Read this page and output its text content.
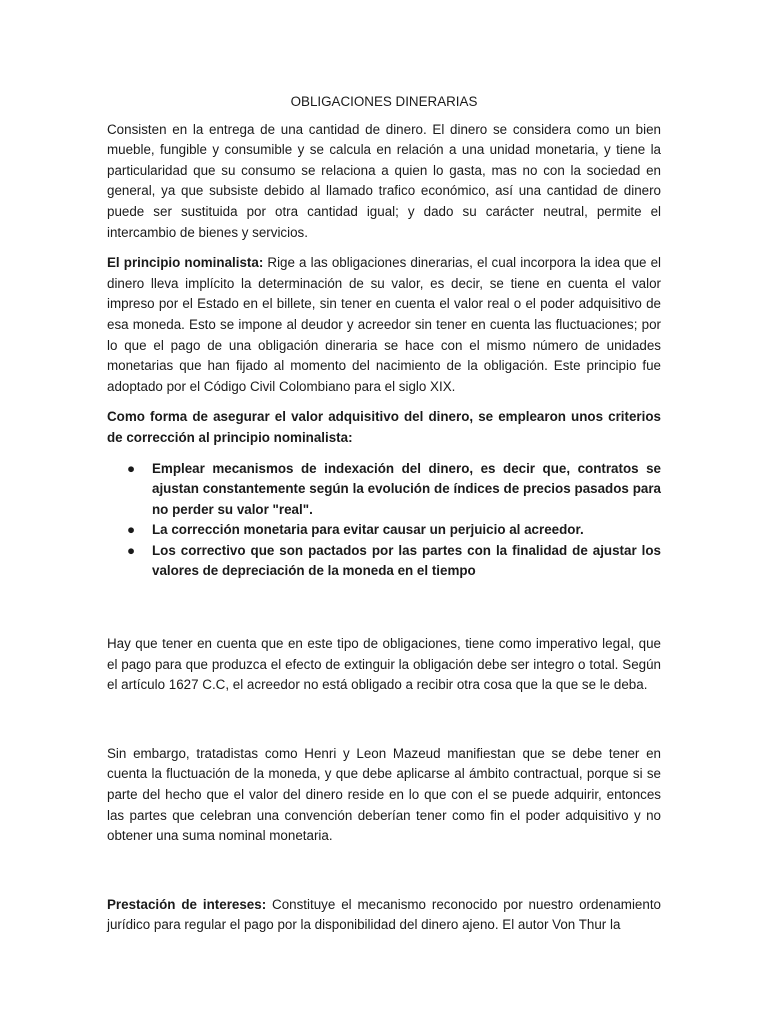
OBLIGACIONES DINERARIAS

Consisten en la entrega de una cantidad de dinero. El dinero se considera como un bien mueble, fungible y consumible y se calcula en relación a una unidad monetaria, y tiene la particularidad que su consumo se relaciona a quien lo gasta, mas no con la sociedad en general, ya que subsiste debido al llamado trafico económico, así una cantidad de dinero puede ser sustituida por otra cantidad igual; y dado su carácter neutral, permite el intercambio de bienes y servicios.

El principio nominalista: Rige a las obligaciones dinerarias, el cual incorpora la idea que el dinero lleva implícito la determinación de su valor, es decir, se tiene en cuenta el valor impreso por el Estado en el billete, sin tener en cuenta el valor real o el poder adquisitivo de esa moneda. Esto se impone al deudor y acreedor sin tener en cuenta las fluctuaciones; por lo que el pago de una obligación dineraria se hace con el mismo número de unidades monetarias que han fijado al momento del nacimiento de la obligación. Este principio fue adoptado por el Código Civil Colombiano para el siglo XIX.

Como forma de asegurar el valor adquisitivo del dinero, se emplearon unos criterios de corrección al principio nominalista:

● Emplear mecanismos de indexación del dinero, es decir que, contratos se ajustan constantemente según la evolución de índices de precios pasados para no perder su valor "real".
● La corrección monetaria para evitar causar un perjuicio al acreedor.
● Los correctivo que son pactados por las partes con la finalidad de ajustar los valores de depreciación de la moneda en el tiempo

Hay que tener en cuenta que en este tipo de obligaciones, tiene como imperativo legal, que el pago para que produzca el efecto de extinguir la obligación debe ser integro o total. Según el artículo 1627 C.C, el acreedor no está obligado a recibir otra cosa que la que se le deba.

Sin embargo, tratadistas como Henri y Leon Mazeud manifiestan que se debe tener en cuenta la fluctuación de la moneda, y que debe aplicarse al ámbito contractual, porque si se parte del hecho que el valor del dinero reside en lo que con el se puede adquirir, entonces las partes que celebran una convención deberían tener como fin el poder adquisitivo y no obtener una suma nominal monetaria.

Prestación de intereses: Constituye el mecanismo reconocido por nuestro ordenamiento jurídico para regular el pago por la disponibilidad del dinero ajeno. El autor Von Thur la
